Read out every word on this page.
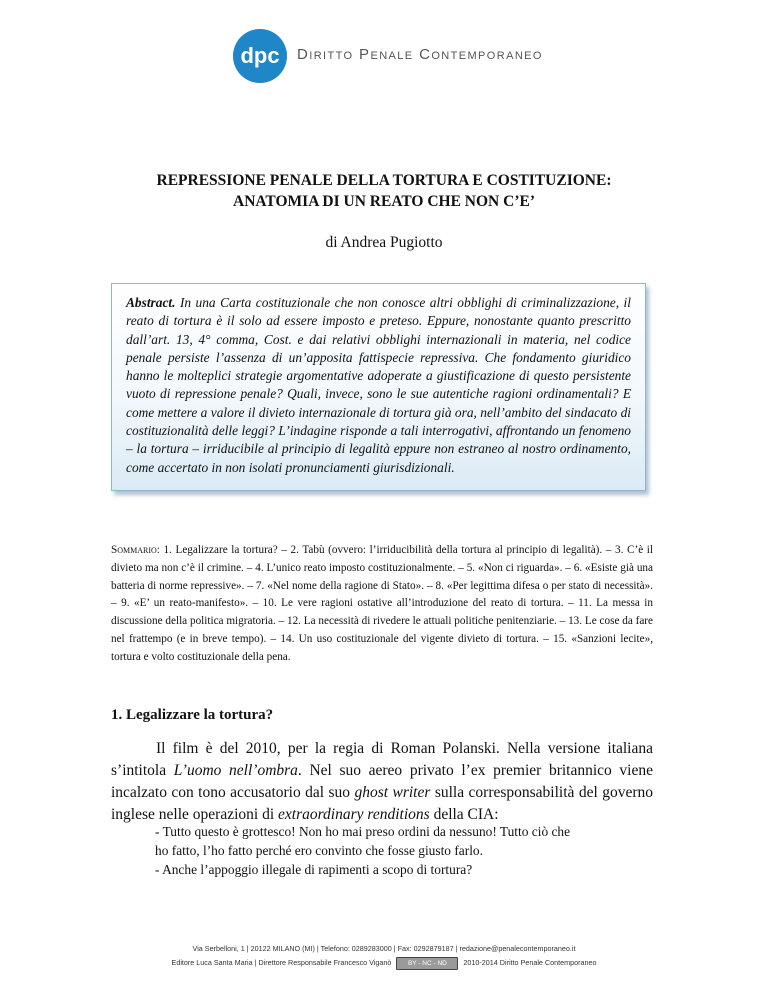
dpc Diritto Penale Contemporaneo
REPRESSIONE PENALE DELLA TORTURA E COSTITUZIONE:
ANATOMIA DI UN REATO CHE NON C’E’
di Andrea Pugiotto
Abstract. In una Carta costituzionale che non conosce altri obblighi di criminalizzazione, il reato di tortura è il solo ad essere imposto e preteso. Eppure, nonostante quanto prescritto dall’art. 13, 4° comma, Cost. e dai relativi obblighi internazionali in materia, nel codice penale persiste l’assenza di un’apposita fattispecie repressiva. Che fondamento giuridico hanno le molteplici strategie argomentative adoperate a giustificazione di questo persistente vuoto di repressione penale? Quali, invece, sono le sue autentiche ragioni ordinamentali? E come mettere a valore il divieto internazionale di tortura già ora, nell’ambito del sindacato di costituzionalità delle leggi? L’indagine risponde a tali interrogativi, affrontando un fenomeno – la tortura – irriducibile al principio di legalità eppure non estraneo al nostro ordinamento, come accertato in non isolati pronunciamenti giurisdizionali.
Sommario: 1. Legalizzare la tortura? – 2. Tabù (ovvero: l’irriducibilità della tortura al principio di legalità). – 3. C’è il divieto ma non c’è il crimine. – 4. L’unico reato imposto costituzionalmente. – 5. «Non ci riguarda». – 6. «Esiste già una batteria di norme repressive». – 7. «Nel nome della ragione di Stato». – 8. «Per legittima difesa o per stato di necessità». – 9. «E’ un reato-manifesto». – 10. Le vere ragioni ostative all’introduzione del reato di tortura. – 11. La messa in discussione della politica migratoria. – 12. La necessità di rivedere le attuali politiche penitenziarie. – 13. Le cose da fare nel frattempo (e in breve tempo). – 14. Un uso costituzionale del vigente divieto di tortura. – 15. «Sanzioni lecite», tortura e volto costituzionale della pena.
1. Legalizzare la tortura?
Il film è del 2010, per la regia di Roman Polanski. Nella versione italiana s’intitola L’uomo nell’ombra. Nel suo aereo privato l’ex premier britannico viene incalzato con tono accusatorio dal suo ghost writer sulla corresponsabilità del governo inglese nelle operazioni di extraordinary renditions della CIA:
- Tutto questo è grottesco! Non ho mai preso ordini da nessuno! Tutto ciò che
ho fatto, l’ho fatto perché ero convinto che fosse giusto farlo.
- Anche l’appoggio illegale di rapimenti a scopo di tortura?
Via Serbelloni, 1 | 20122 MILANO (MI) | Telefono: 0289283000 | Fax: 0292879187 | redazione@penalecontemporaneo.it
Editore Luca Santa Maria | Direttore Responsabile Francesco Viganò	BY - NC - ND 2010-2014 Diritto Penale Contemporaneo
